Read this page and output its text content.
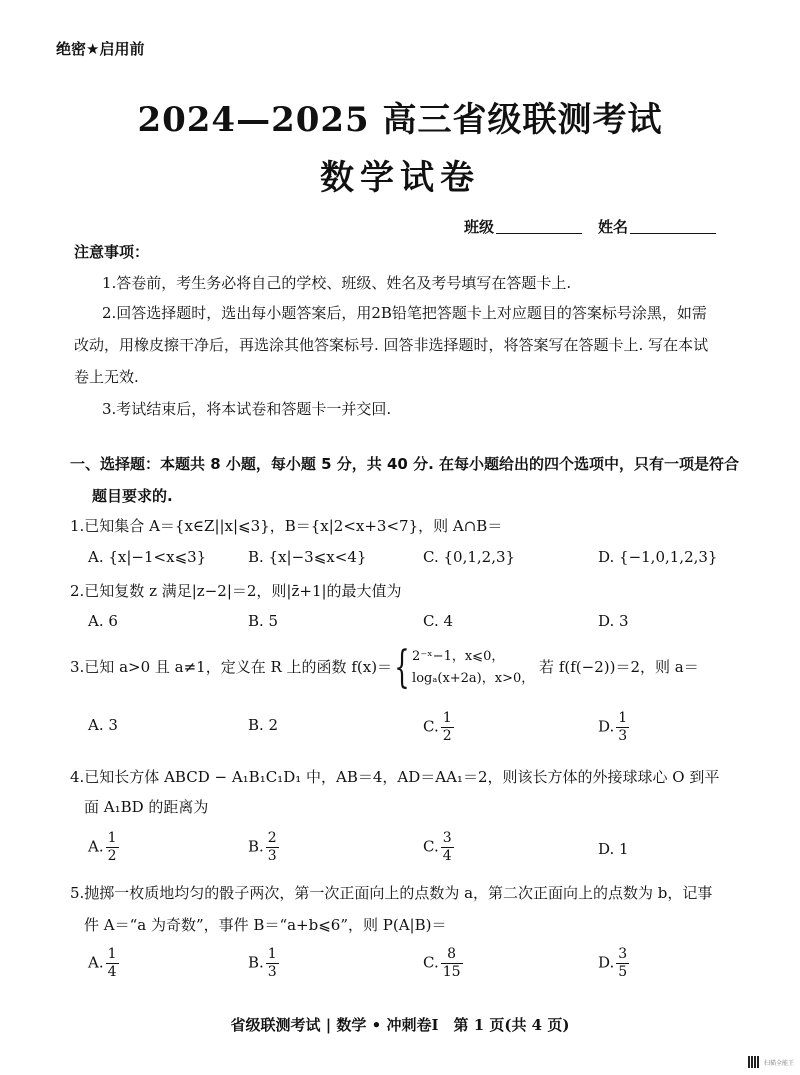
绝密★启用前
2024—2025 高三省级联测考试
数学试卷
班级	姓名
注意事项：
1.答卷前，考生务必将自己的学校、班级、姓名及考号填写在答题卡上.
2.回答选择题时，选出每小题答案后，用2B铅笔把答题卡上对应题目的答案标号涂黑，如需
改动，用橡皮擦干净后，再选涂其他答案标号. 回答非选择题时，将答案写在答题卡上. 写在本试
卷上无效.
3.考试结束后，将本试卷和答题卡一并交回.
一、选择题：本题共 8 小题，每小题 5 分，共 40 分. 在每小题给出的四个选项中，只有一项是符合
题目要求的.
1.已知集合 A＝{x∈Z||x|⩽3}，B＝{x|2<x+3<7}，则 A∩B＝
A. {x|−1<x⩽3}	B. {x|−3⩽x<4}	C. {0,1,2,3}	D. {−1,0,1,2,3}
2.已知复数 z 满足|z−2|＝2，则|z̄+1|的最大值为
A. 6	B. 5	C. 4	D. 3
3.已知 a>0 且 a≠1，定义在 R 上的函数 f(x)＝{ 2⁻ˣ−1，x⩽0，
logₐ(x+2a)，x>0，
若 f(f(−2))＝2，则 a＝
A. 3	B. 2	C. $\frac{1}{2}$	D. $\frac{1}{3}$
4.已知长方体 ABCD − A₁B₁C₁D₁ 中，AB＝4，AD＝AA₁＝2，则该长方体的外接球球心 O 到平
面 A₁BD 的距离为
A. $\frac{1}{2}$	B. $\frac{2}{3}$	C. $\frac{3}{4}$	D. 1
5.抛掷一枚质地均匀的骰子两次，第一次正面向上的点数为 a，第二次正面向上的点数为 b，记事
件 A＝“a 为奇数”，事件 B＝“a+b⩽6”，则 P(A|B)＝
A. $\frac{1}{4}$	B. $\frac{1}{3}$	C. $\frac{8}{15}$	D. $\frac{3}{5}$
省级联测考试 | 数学 • 冲刺卷Ⅰ　第 1 页(共 4 页)
扫描全能王
